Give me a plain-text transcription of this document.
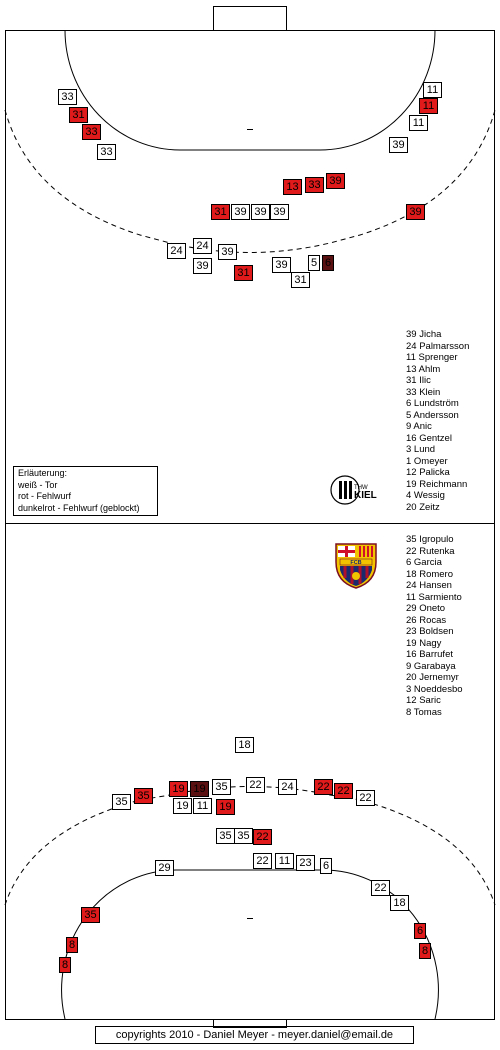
33
31
33
33
11
11
11
39
13 33 39
31 39 39 39	39
24	24	39
39
31
39	5 6
31
18
35 35
19 19 35	22	24	22 22
22
19 11	19
35 35 22
29
22 11 23	6
22
18
35
8
8
6
8
39 Jicha
24 Palmarsson
11 Sprenger
13 Ahlm
31 Ilic
33 Klein
6 Lundström
5 Andersson
9 Anic
16 Gentzel
3 Lund
1 Omeyer
12 Palicka
19 Reichmann
4 Wessig
20 Zeitz
35 Igropulo
22 Rutenka
6 Garcia
18 Romero
24 Hansen
11 Sarmiento
29 Oneto
26 Rocas
23 Boldsen
19 Nagy
16 Barrufet
9 Garabaya
20 Jernemyr
3 Noeddesbo
12 Saric
8 Tomas
Erläuterung:
weiß - Tor
rot - Fehlwurf
dunkelrot - Fehlwurf (geblockt)
THW
KIEL
FCB
copyrights 2010 - Daniel Meyer - meyer.daniel@email.de
